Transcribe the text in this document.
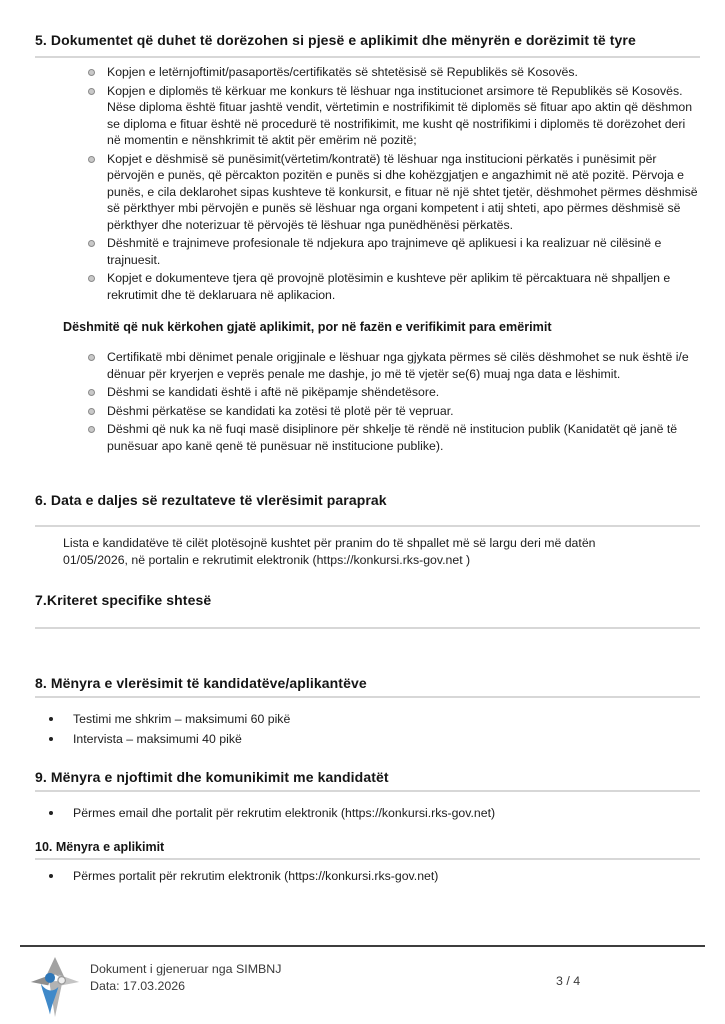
5. Dokumentet që duhet të dorëzohen si pjesë e aplikimit dhe mënyrën e dorëzimit të tyre
Kopjen e letërnjoftimit/pasaportës/certifikatës së shtetësisë së Republikës së Kosovës.
Kopjen e diplomës të kërkuar me konkurs të lëshuar nga institucionet arsimore të Republikës së Kosovës. Nëse diploma është fituar jashtë vendit, vërtetimin e nostrifikimit të diplomës së fituar apo aktin që dëshmon se diploma e fituar është në procedurë të nostrifikimit, me kusht që nostrifikimi i diplomës të dorëzohet deri në momentin e nënshkrimit të aktit për emërim në pozitë;
Kopjet e dëshmisë së punësimit(vërtetim/kontratë) të lëshuar nga institucioni përkatës i punësimit për përvojën e punës, që përcakton pozitën e punës si dhe kohëzgjatjen e angazhimit në atë pozitë. Përvoja e punës, e cila deklarohet sipas kushteve të konkursit, e fituar në një shtet tjetër, dëshmohet përmes dëshmisë së përkthyer mbi përvojën e punës së lëshuar nga organi kompetent i atij shteti, apo përmes dëshmisë së përkthyer dhe noterizuar të përvojës të lëshuar nga punëdhënësi përkatës.
Dëshmitë e trajnimeve profesionale të ndjekura apo trajnimeve që aplikuesi i ka realizuar në cilësinë e trajnuesit.
Kopjet e dokumenteve tjera që provojnë plotësimin e kushteve për aplikim të përcaktuara në shpalljen e rekrutimit dhe të deklaruara në aplikacion.
Dëshmitë që nuk kërkohen gjatë aplikimit, por në fazën e verifikimit para emërimit
Certifikatë mbi dënimet penale origjinale e lëshuar nga gjykata përmes së cilës dëshmohet se nuk është i/e dënuar për kryerjen e veprës penale me dashje, jo më të vjetër se(6) muaj nga data e lëshimit.
Dëshmi se kandidati është i aftë në pikëpamje shëndetësore.
Dëshmi përkatëse se kandidati ka zotësi të plotë për të vepruar.
Dëshmi që nuk ka në fuqi masë disiplinore për shkelje të rëndë në institucion publik (Kanidatët që janë të punësuar apo kanë qenë të punësuar në institucione publike).
6. Data e daljes së rezultateve të vlerësimit paraprak

Lista e kandidatëve të cilët plotësojnë kushtet për pranim do të shpallet më së largu deri më datën 01/05/2026, në portalin e rekrutimit elektronik (https://konkursi.rks-gov.net )

7.Kriteret specifike shtesë
8. Mënyra e vlerësimit të kandidatëve/aplikantëve
Testimi me shkrim – maksimumi 60 pikë
Intervista – maksimumi 40 pikë
9. Mënyra e njoftimit dhe komunikimit me kandidatët
Përmes email dhe portalit për rekrutim elektronik (https://konkursi.rks-gov.net)
10. Mënyra e aplikimit
Përmes portalit për rekrutim elektronik (https://konkursi.rks-gov.net)
Dokument i gjeneruar nga SIMBNJ
Data: 17.03.2026	3 / 4
